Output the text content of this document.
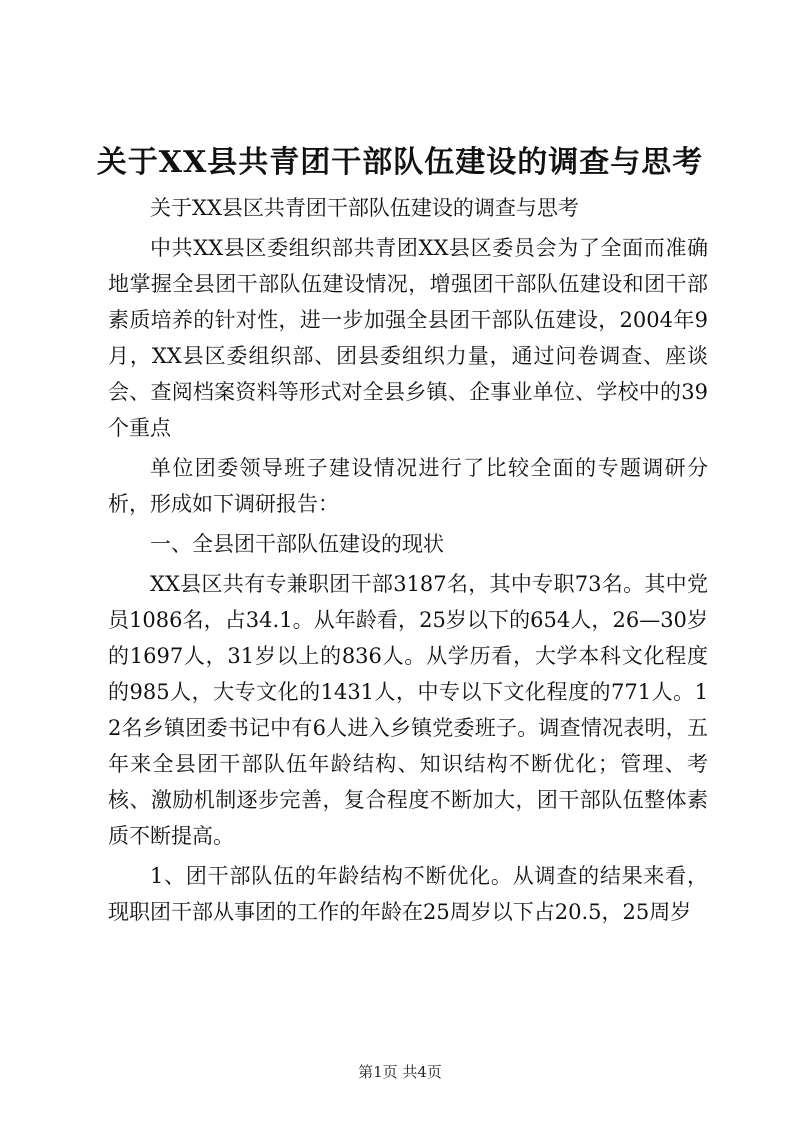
关于XX县共青团干部队伍建设的调查与思考

关于XX县区共青团干部队伍建设的调查与思考

中共XX县区委组织部共青团XX县区委员会为了全面而准确地掌握全县团干部队伍建设情况，增强团干部队伍建设和团干部素质培养的针对性，进一步加强全县团干部队伍建设，2004年9月，XX县区委组织部、团县委组织力量，通过问卷调查、座谈会、查阅档案资料等形式对全县乡镇、企事业单位、学校中的39个重点

单位团委领导班子建设情况进行了比较全面的专题调研分析，形成如下调研报告：

一、全县团干部队伍建设的现状

XX县区共有专兼职团干部3187名，其中专职73名。其中党员1086名，占34.1。从年龄看，25岁以下的654人，26—30岁的1697人，31岁以上的836人。从学历看，大学本科文化程度的985人，大专文化的1431人，中专以下文化程度的771人。12名乡镇团委书记中有6人进入乡镇党委班子。调查情况表明，五年来全县团干部队伍年龄结构、知识结构不断优化；管理、考核、激励机制逐步完善，复合程度不断加大，团干部队伍整体素质不断提高。

1、团干部队伍的年龄结构不断优化。从调查的结果来看，现职团干部从事团的工作的年龄在25周岁以下占20.5，25周岁

第1页 共4页
